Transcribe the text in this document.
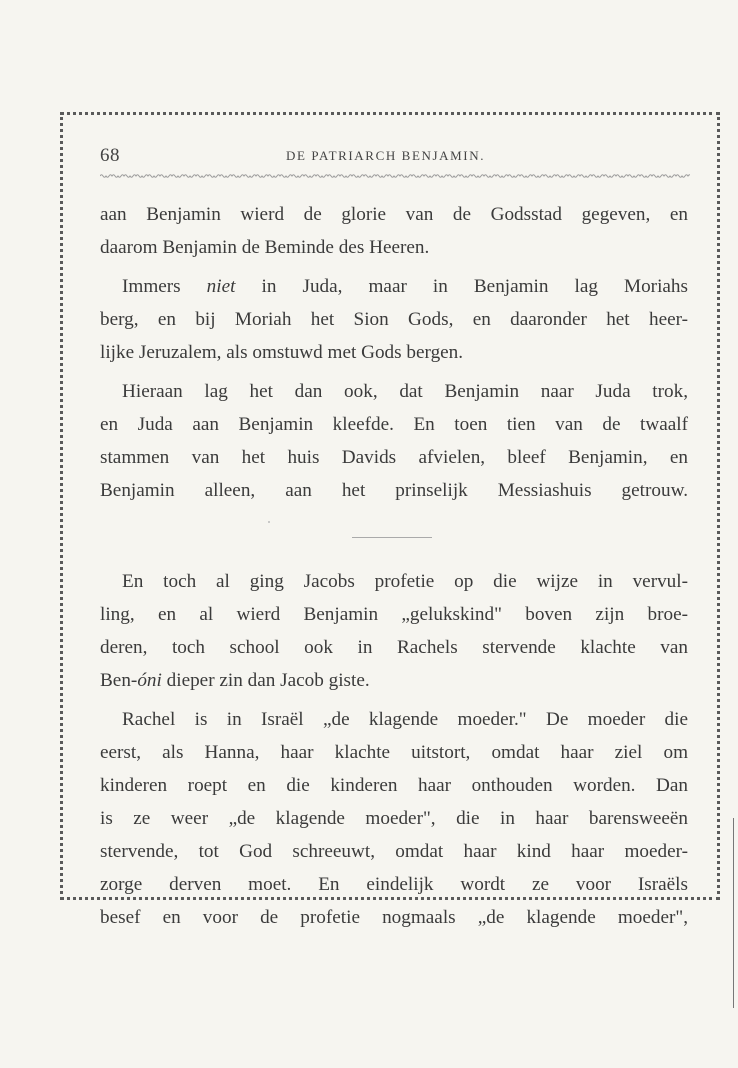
68	DE PATRIARCH BENJAMIN.

aan Benjamin wierd de glorie van de Godsstad gegeven, en
daarom Benjamin de Beminde des Heeren.

Immers niet in Juda, maar in Benjamin lag Moriahs
berg, en bij Moriah het Sion Gods, en daaronder het heer-
lijke Jeruzalem, als omstuwd met Gods bergen.

Hieraan lag het dan ook, dat Benjamin naar Juda trok,
en Juda aan Benjamin kleefde. En toen tien van de twaalf
stammen van het huis Davids afvielen, bleef Benjamin, en
Benjamin alleen, aan het prinselijk Messiashuis getrouw.

En toch al ging Jacobs profetie op die wijze in vervul-
ling, en al wierd Benjamin „gelukskind" boven zijn broe-
deren, toch school ook in Rachels stervende klachte van
Ben-óni dieper zin dan Jacob giste.

Rachel is in Israël „de klagende moeder." De moeder die
eerst, als Hanna, haar klachte uitstort, omdat haar ziel om
kinderen roept en die kinderen haar onthouden worden. Dan
is ze weer „de klagende moeder", die in haar barensweeën
stervende, tot God schreeuwt, omdat haar kind haar moeder-
zorge derven moet. En eindelijk wordt ze voor Israëls
besef en voor de profetie nogmaals „de klagende moeder",
